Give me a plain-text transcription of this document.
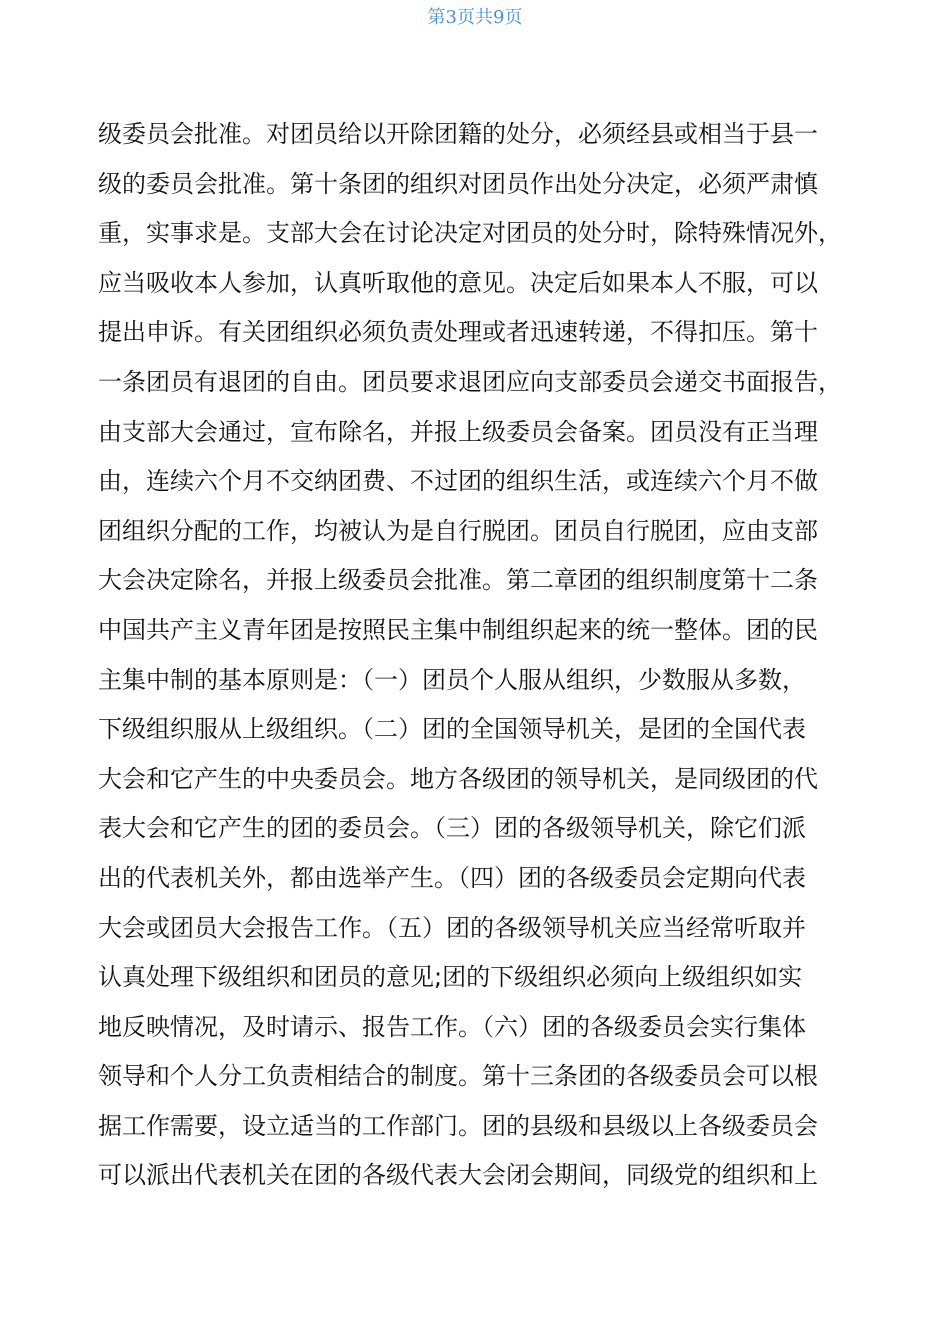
第3页共9页
级委员会批准。对团员给以开除团籍的处分，必须经县或相当于县一
级的委员会批准。第十条团的组织对团员作出处分决定，必须严肃慎
重，实事求是。支部大会在讨论决定对团员的处分时，除特殊情况外，
应当吸收本人参加，认真听取他的意见。决定后如果本人不服，可以
提出申诉。有关团组织必须负责处理或者迅速转递，不得扣压。第十
一条团员有退团的自由。团员要求退团应向支部委员会递交书面报告，
由支部大会通过，宣布除名，并报上级委员会备案。团员没有正当理
由，连续六个月不交纳团费、不过团的组织生活，或连续六个月不做
团组织分配的工作，均被认为是自行脱团。团员自行脱团，应由支部
大会决定除名，并报上级委员会批准。第二章团的组织制度第十二条
中国共产主义青年团是按照民主集中制组织起来的统一整体。团的民
主集中制的基本原则是：（一）团员个人服从组织，少数服从多数，
下级组织服从上级组织。（二）团的全国领导机关，是团的全国代表
大会和它产生的中央委员会。地方各级团的领导机关，是同级团的代
表大会和它产生的团的委员会。（三）团的各级领导机关，除它们派
出的代表机关外，都由选举产生。（四）团的各级委员会定期向代表
大会或团员大会报告工作。（五）团的各级领导机关应当经常听取并
认真处理下级组织和团员的意见;团的下级组织必须向上级组织如实
地反映情况，及时请示、报告工作。（六）团的各级委员会实行集体
领导和个人分工负责相结合的制度。第十三条团的各级委员会可以根
据工作需要，设立适当的工作部门。团的县级和县级以上各级委员会
可以派出代表机关在团的各级代表大会闭会期间，同级党的组织和上
